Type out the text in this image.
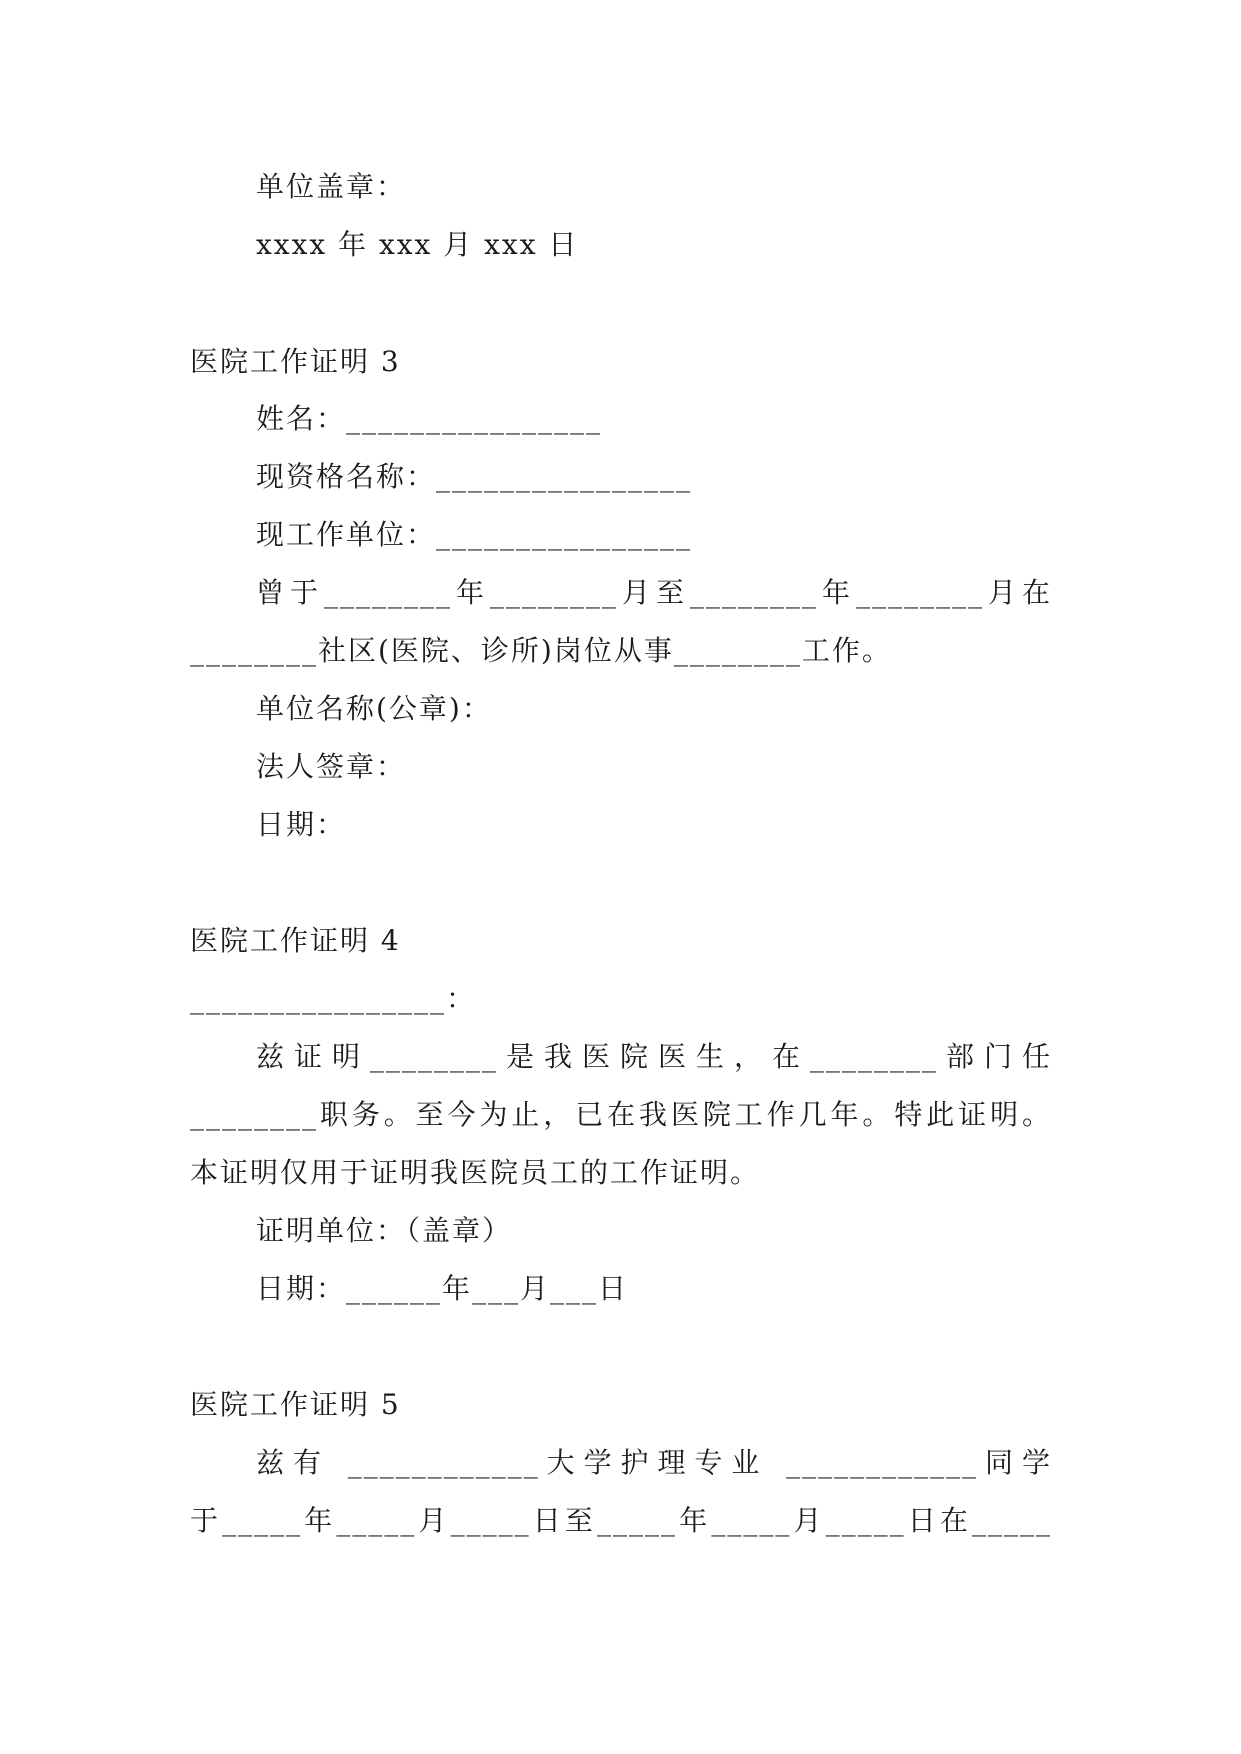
单位盖章：
xxxx 年 xxx 月 xxx 日
医院工作证明 3
姓名：________________
现资格名称：________________
现工作单位：________________
曾于________年________月至________年________月在
________社区(医院、诊所)岗位从事________工作。
单位名称(公章)：
法人签章：
日期：
医院工作证明 4
________________：
兹证明________是我医院医生，在________部门任
________职务。至今为止，已在我医院工作几年。特此证明。
本证明仅用于证明我医院员工的工作证明。
证明单位：（盖章）
日期：______年___月___日
医院工作证明 5
兹有 ____________大学护理专业 ____________同学
于_____年_____月_____日至_____年_____月_____日在_____
